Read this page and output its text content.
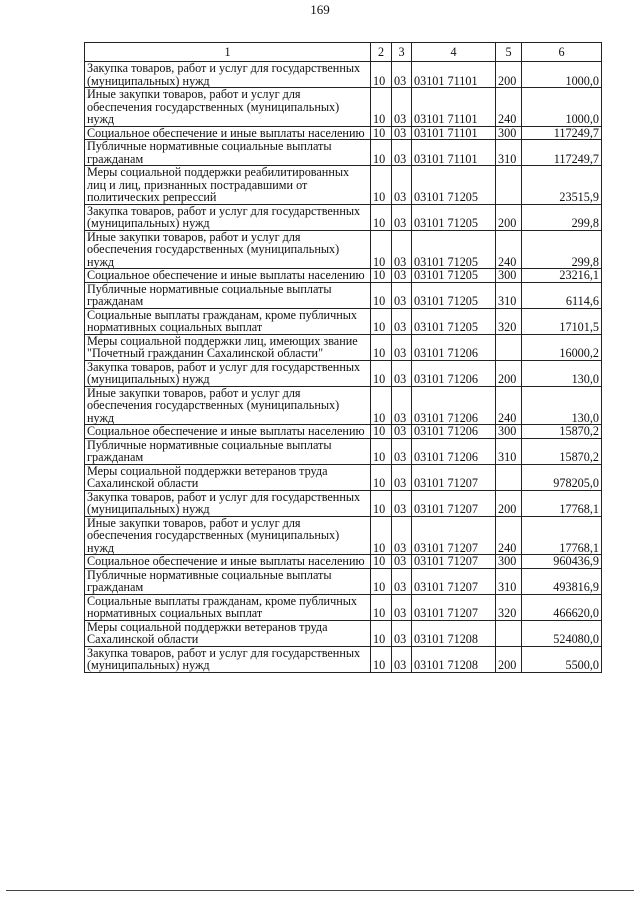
169
1	2	3	4	5	6
Закупка товаров, работ и услуг для государственных (муниципальных) нужд	10	03	03101 71101	200	1000,0
Иные закупки товаров, работ и услуг для обеспечения государственных (муниципальных) нужд	10	03	03101 71101	240	1000,0
Социальное обеспечение и иные выплаты населению	10	03	03101 71101	300	117249,7
Публичные нормативные социальные выплаты гражданам	10	03	03101 71101	310	117249,7
Меры социальной поддержки реабилитированных лиц и лиц, признанных пострадавшими от политических репрессий	10	03	03101 71205		23515,9
Закупка товаров, работ и услуг для государственных (муниципальных) нужд	10	03	03101 71205	200	299,8
Иные закупки товаров, работ и услуг для обеспечения государственных (муниципальных) нужд	10	03	03101 71205	240	299,8
Социальное обеспечение и иные выплаты населению	10	03	03101 71205	300	23216,1
Публичные нормативные социальные выплаты гражданам	10	03	03101 71205	310	6114,6
Социальные выплаты гражданам, кроме публичных нормативных социальных выплат	10	03	03101 71205	320	17101,5
Меры социальной поддержки лиц, имеющих звание "Почетный гражданин Сахалинской области"	10	03	03101 71206		16000,2
Закупка товаров, работ и услуг для государственных (муниципальных) нужд	10	03	03101 71206	200	130,0
Иные закупки товаров, работ и услуг для обеспечения государственных (муниципальных) нужд	10	03	03101 71206	240	130,0
Социальное обеспечение и иные выплаты населению	10	03	03101 71206	300	15870,2
Публичные нормативные социальные выплаты гражданам	10	03	03101 71206	310	15870,2
Меры социальной поддержки ветеранов труда Сахалинской области	10	03	03101 71207		978205,0
Закупка товаров, работ и услуг для государственных (муниципальных) нужд	10	03	03101 71207	200	17768,1
Иные закупки товаров, работ и услуг для обеспечения государственных (муниципальных) нужд	10	03	03101 71207	240	17768,1
Социальное обеспечение и иные выплаты населению	10	03	03101 71207	300	960436,9
Публичные нормативные социальные выплаты гражданам	10	03	03101 71207	310	493816,9
Социальные выплаты гражданам, кроме публичных нормативных социальных выплат	10	03	03101 71207	320	466620,0
Меры социальной поддержки ветеранов труда Сахалинской области	10	03	03101 71208		524080,0
Закупка товаров, работ и услуг для государственных (муниципальных) нужд	10	03	03101 71208	200	5500,0
